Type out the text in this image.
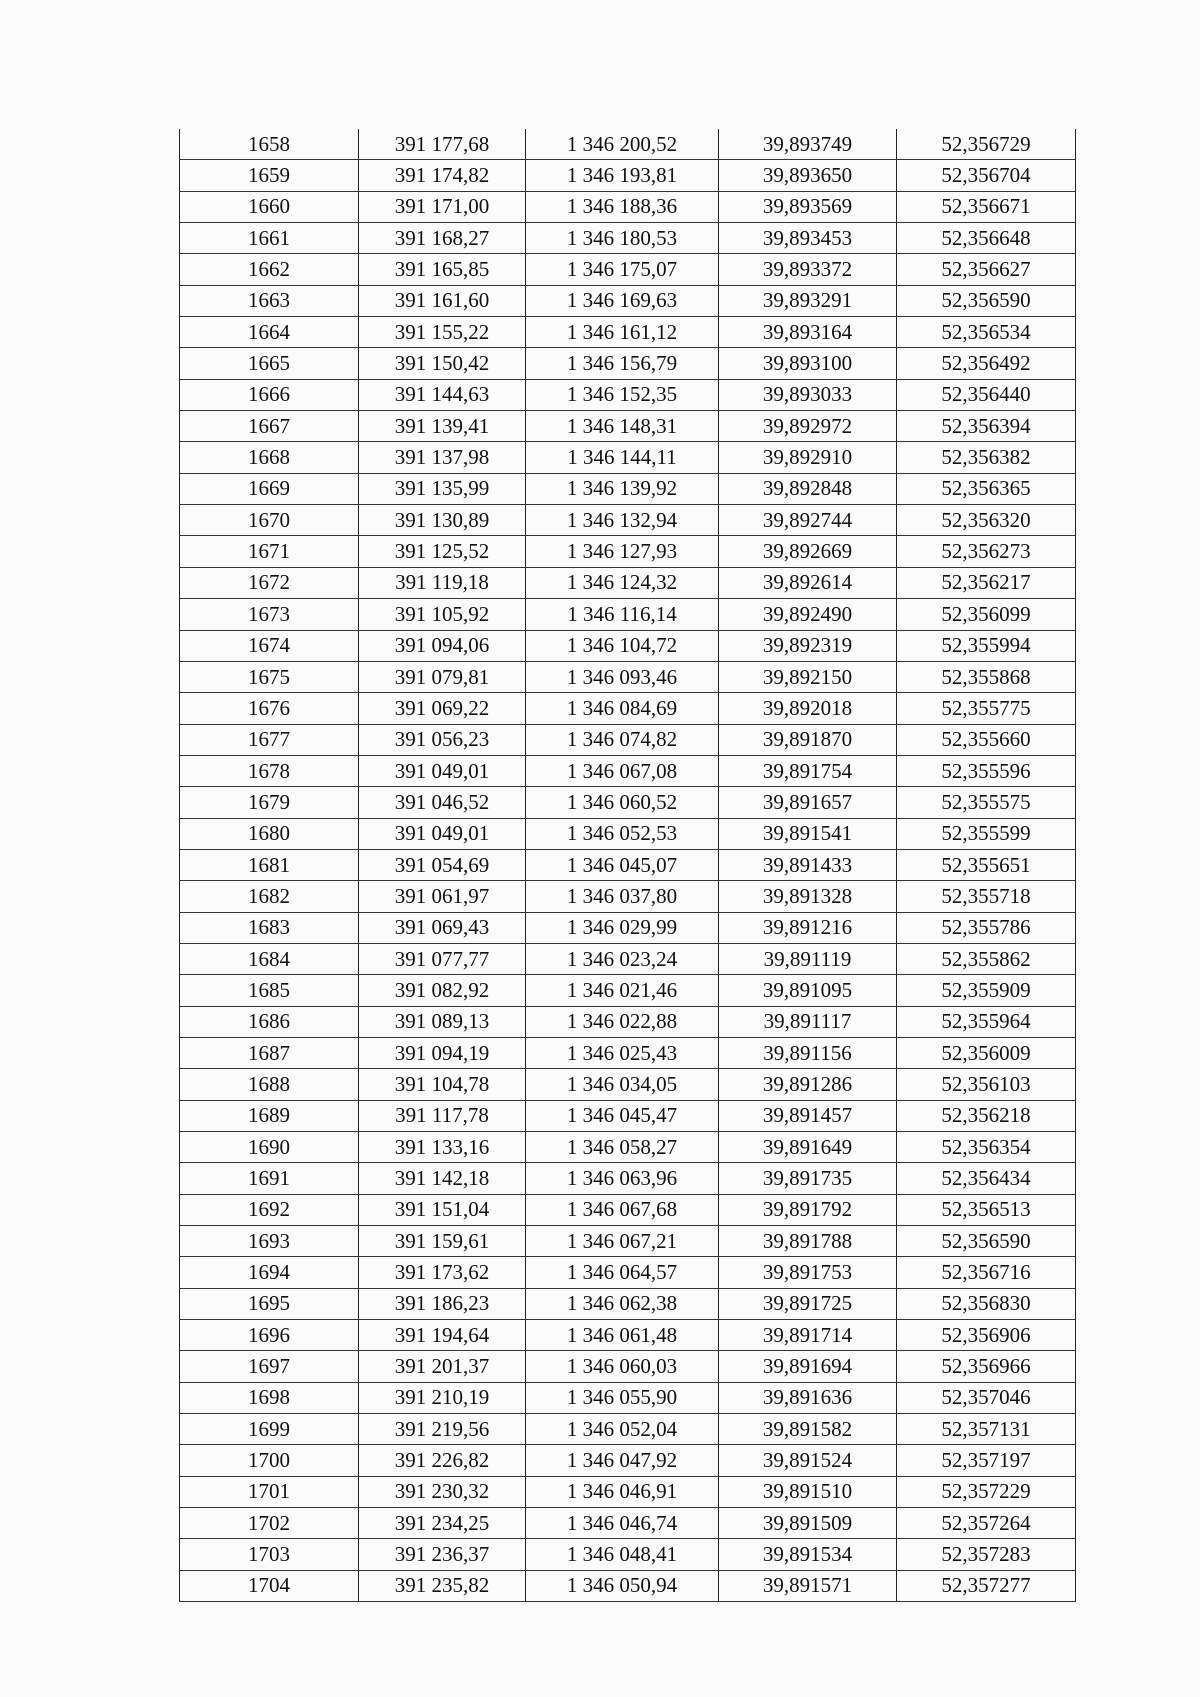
1658	391 177,68	1 346 200,52	39,893749	52,356729
1659	391 174,82	1 346 193,81	39,893650	52,356704
1660	391 171,00	1 346 188,36	39,893569	52,356671
1661	391 168,27	1 346 180,53	39,893453	52,356648
1662	391 165,85	1 346 175,07	39,893372	52,356627
1663	391 161,60	1 346 169,63	39,893291	52,356590
1664	391 155,22	1 346 161,12	39,893164	52,356534
1665	391 150,42	1 346 156,79	39,893100	52,356492
1666	391 144,63	1 346 152,35	39,893033	52,356440
1667	391 139,41	1 346 148,31	39,892972	52,356394
1668	391 137,98	1 346 144,11	39,892910	52,356382
1669	391 135,99	1 346 139,92	39,892848	52,356365
1670	391 130,89	1 346 132,94	39,892744	52,356320
1671	391 125,52	1 346 127,93	39,892669	52,356273
1672	391 119,18	1 346 124,32	39,892614	52,356217
1673	391 105,92	1 346 116,14	39,892490	52,356099
1674	391 094,06	1 346 104,72	39,892319	52,355994
1675	391 079,81	1 346 093,46	39,892150	52,355868
1676	391 069,22	1 346 084,69	39,892018	52,355775
1677	391 056,23	1 346 074,82	39,891870	52,355660
1678	391 049,01	1 346 067,08	39,891754	52,355596
1679	391 046,52	1 346 060,52	39,891657	52,355575
1680	391 049,01	1 346 052,53	39,891541	52,355599
1681	391 054,69	1 346 045,07	39,891433	52,355651
1682	391 061,97	1 346 037,80	39,891328	52,355718
1683	391 069,43	1 346 029,99	39,891216	52,355786
1684	391 077,77	1 346 023,24	39,891119	52,355862
1685	391 082,92	1 346 021,46	39,891095	52,355909
1686	391 089,13	1 346 022,88	39,891117	52,355964
1687	391 094,19	1 346 025,43	39,891156	52,356009
1688	391 104,78	1 346 034,05	39,891286	52,356103
1689	391 117,78	1 346 045,47	39,891457	52,356218
1690	391 133,16	1 346 058,27	39,891649	52,356354
1691	391 142,18	1 346 063,96	39,891735	52,356434
1692	391 151,04	1 346 067,68	39,891792	52,356513
1693	391 159,61	1 346 067,21	39,891788	52,356590
1694	391 173,62	1 346 064,57	39,891753	52,356716
1695	391 186,23	1 346 062,38	39,891725	52,356830
1696	391 194,64	1 346 061,48	39,891714	52,356906
1697	391 201,37	1 346 060,03	39,891694	52,356966
1698	391 210,19	1 346 055,90	39,891636	52,357046
1699	391 219,56	1 346 052,04	39,891582	52,357131
1700	391 226,82	1 346 047,92	39,891524	52,357197
1701	391 230,32	1 346 046,91	39,891510	52,357229
1702	391 234,25	1 346 046,74	39,891509	52,357264
1703	391 236,37	1 346 048,41	39,891534	52,357283
1704	391 235,82	1 346 050,94	39,891571	52,357277
